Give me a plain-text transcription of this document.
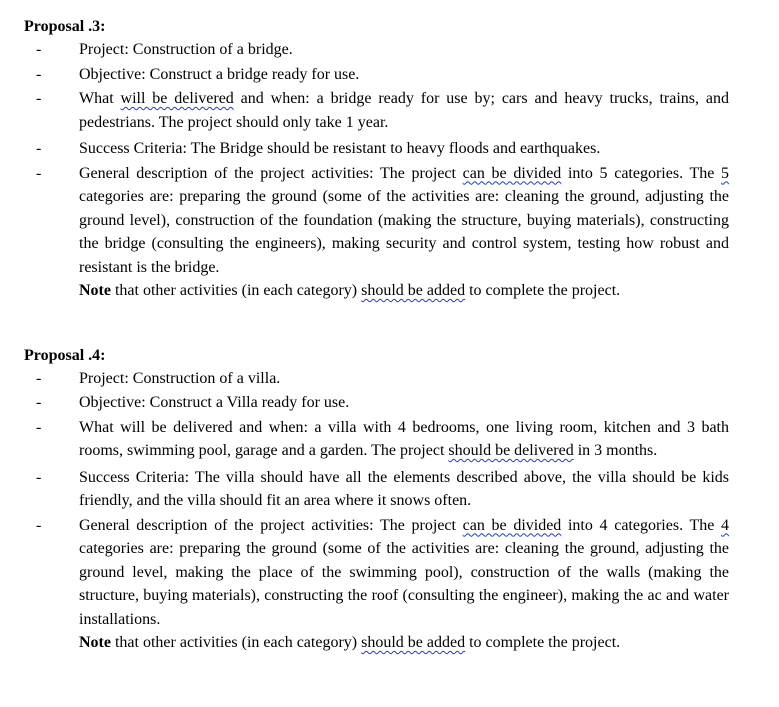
Proposal .3:
- Project: Construction of a bridge.
- Objective: Construct a bridge ready for use.
- What will be delivered and when: a bridge ready for use by; cars and heavy trucks, trains, and pedestrians. The project should only take 1 year.
- Success Criteria: The Bridge should be resistant to heavy floods and earthquakes.
- General description of the project activities: The project can be divided into 5 categories. The 5 categories are: preparing the ground (some of the activities are: cleaning the ground, adjusting the ground level), construction of the foundation (making the structure, buying materials), constructing the bridge (consulting the engineers), making security and control system, testing how robust and resistant is the bridge.
Note that other activities (in each category) should be added to complete the project.
Proposal .4:
- Project: Construction of a villa.
- Objective: Construct a Villa ready for use.
- What will be delivered and when: a villa with 4 bedrooms, one living room, kitchen and 3 bath rooms, swimming pool, garage and a garden. The project should be delivered in 3 months.
- Success Criteria: The villa should have all the elements described above, the villa should be kids friendly, and the villa should fit an area where it snows often.
- General description of the project activities: The project can be divided into 4 categories. The 4 categories are: preparing the ground (some of the activities are: cleaning the ground, adjusting the ground level, making the place of the swimming pool), construction of the walls (making the structure, buying materials), constructing the roof (consulting the engineer), making the ac and water installations.
Note that other activities (in each category) should be added to complete the project.
